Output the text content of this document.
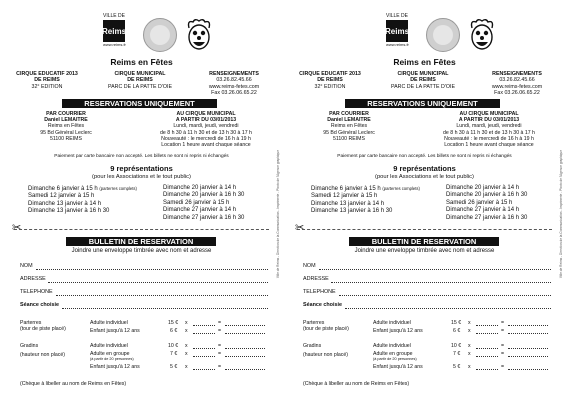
VILLE DE
Reims
www.reims.fr
Reims en Fêtes
CIRQUE EDUCATIF 2013
DE REIMS
32° EDITION
CIRQUE MUNICIPAL
DE REIMS
PARC DE LA PATTE D'OIE
RENSEIGNEMENTS
03.26.82.45.66
www.reims-fetes.com
Fax 03.26.06.65.22
RESERVATIONS UNIQUEMENT
PAR COURRIER
Daniel LEMAITRE
Reims en Fêtes
95 Bd Général Leclerc
51100 REIMS
AU CIRQUE MUNICIPAL
A PARTIR DU 03/01/2013
Lundi, mardi, jeudi, vendredi
de 8 h 30 à 11 h 30 et de 13 h 30 à 17 h
Nouveauté : le mercredi de 16 h à 19 h
Location 1 heure avant chaque séance
Paiement par carte bancaire non accepté. Les billets ne sont ni repris ni échangés
9 représentations
(pour les Associations et le tout public)
Dimanche 6 janvier à 15 h (parterres complets)
Samedi 12 janvier à 15 h
Dimanche 13 janvier à 14 h
Dimanche 13 janvier à 16 h 30
Dimanche 20 janvier à 14 h
Dimanche 20 janvier à 16 h 30
Samedi 26 janvier à 15 h
Dimanche 27 janvier à 14 h
Dimanche 27 janvier à 16 h 30
✂
BULLETIN DE RESERVATION
Joindre une enveloppe timbrée avec nom et adresse
NOM
ADRESSE
TELEPHONE
Séance choisie
Parterres
(tour de piste placé)
Adulte individuel	15 € x	=
Enfant jusqu'à 12 ans	6 € x	=
Gradins
(hauteur non placé)
Adulte individuel	10 € x	=
Adulte en groupe
(à partir de 20 personnes)
7 € x	=
Enfant jusqu'à 12 ans	5 € x	=
(Chèque à libeller au nom de Reims en Fêtes)
Ville de Reims - Direction de la Communication - Imprimerie - Photo de l'Agence graphique
VILLE DE
Reims
www.reims.fr
Reims en Fêtes
CIRQUE EDUCATIF 2013
DE REIMS
32° EDITION
CIRQUE MUNICIPAL
DE REIMS
PARC DE LA PATTE D'OIE
RENSEIGNEMENTS
03.26.82.45.66
www.reims-fetes.com
Fax 03.26.06.65.22
RESERVATIONS UNIQUEMENT
PAR COURRIER
Daniel LEMAITRE
Reims en Fêtes
95 Bd Général Leclerc
51100 REIMS
AU CIRQUE MUNICIPAL
A PARTIR DU 03/01/2013
Lundi, mardi, jeudi, vendredi
de 8 h 30 à 11 h 30 et de 13 h 30 à 17 h
Nouveauté : le mercredi de 16 h à 19 h
Location 1 heure avant chaque séance
Paiement par carte bancaire non accepté. Les billets ne sont ni repris ni échangés
9 représentations
(pour les Associations et le tout public)
Dimanche 6 janvier à 15 h (parterres complets)
Samedi 12 janvier à 15 h
Dimanche 13 janvier à 14 h
Dimanche 13 janvier à 16 h 30
Dimanche 20 janvier à 14 h
Dimanche 20 janvier à 16 h 30
Samedi 26 janvier à 15 h
Dimanche 27 janvier à 14 h
Dimanche 27 janvier à 16 h 30
✂
BULLETIN DE RESERVATION
Joindre une enveloppe timbrée avec nom et adresse
NOM
ADRESSE
TELEPHONE
Séance choisie
Parterres
(tour de piste placé)
Adulte individuel	15 € x	=
Enfant jusqu'à 12 ans	6 € x	=
Gradins
(hauteur non placé)
Adulte individuel	10 € x	=
Adulte en groupe
(à partir de 20 personnes)
7 € x	=
Enfant jusqu'à 12 ans	5 € x	=
(Chèque à libeller au nom de Reims en Fêtes)
Ville de Reims - Direction de la Communication - Imprimerie - Photo de l'Agence graphique
